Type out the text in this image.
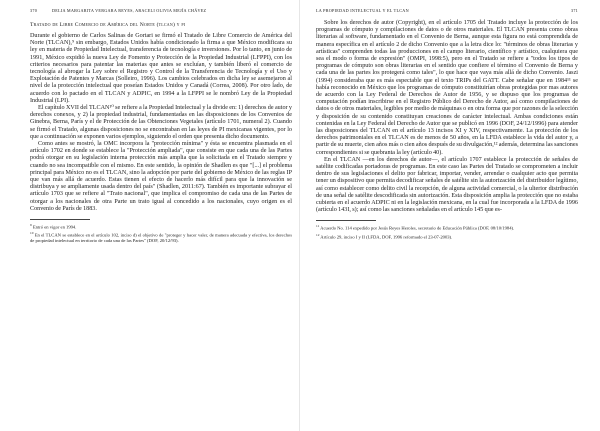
370	DELIA MARGARITA VERGARA REYES, ABACELI OLIVIA MEJÍA CHÁVEZ
Tratado de Libre Comercio de América del Norte (tlcan) y pi

Durante el gobierno de Carlos Salinas de Gortari se firmó el Tratado de Libre Comercio de América del Norte (TLCAN),⁹ sin embargo, Estados Unidos había condicionado la firma a que México modificara su ley en materia de Propiedad Intelectual, transferencia de tecnología e inversiones. Por lo tanto, en junio de 1991, México expidió la nueva Ley de Fomento y Protección de la Propiedad Industrial (LFPPI), con los criterios necesarios para patentar las materias que antes se excluían, y también liberó el comercio de tecnología al abrogar la Ley sobre el Registro y Control de la Transferencia de Tecnología y el Uso y Explotación de Patentes y Marcas (Solleiro, 1996). Los cambios celebrados en dicha ley se asemejaron al nivel de la protección intelectual que poseían Estados Unidos y Canadá (Correa, 2008). Por otro lado, de acuerdo con lo pactado en el TLCAN y ADPIC, en 1994 a la LFPPI se le nombró Ley de la Propiedad Industrial (LPI).

El capítulo XVII del TLCAN¹⁰ se refiere a la Propiedad Intelectual y la divide en: 1) derechos de autor y derechos conexos, y 2) la propiedad industrial, fundamentadas en las disposiciones de los Convenios de Ginebra, Berna, París y el de Protección de las Obtenciones Vegetales (artículo 1701, numeral 2). Cuando se firmó el Tratado, algunas disposiciones no se encontraban en las leyes de PI mexicanas vigentes, por lo que a continuación se exponen varios ejemplos, siguiendo el orden que presenta dicho documento.

Como antes se mostró, la OMC incorpora la "protección mínima" y ésta se encuentra plasmada en el artículo 1702 en donde se establece la "Protección ampliada", que consiste en que cada una de las Partes podrá otorgar en su legislación interna protección más amplia que la solicitada en el Tratado siempre y cuando no sea incompatible con el mismo. En este sentido, la opinión de Shadlen es que "[...] el problema principal para México no es el TLCAN, sino la adopción por parte del gobierno de México de las reglas IP que van más allá de acuerdo. Estas tienen el efecto de hacerlo más difícil para que la innovación se distribuya y se ampliamente usada dentro del país" (Shadlen, 2011:67). También es importante subrayar el artículo 1703 que se refiere al "Trato nacional", que implica el compromiso de cada una de las Partes de otorgar a los nacionales de otra Parte un trato igual al concedido a los nacionales, cuyo origen es el Convenio de París de 1883.

$^9$ Entró en vigor en 1994.

$^{10}$ En el TLCAN se establece en el artículo 102, inciso d) el objetivo de "proteger y hacer valer, de manera adecuada y efectiva, los derechos de propiedad intelectual en territorio de cada una de las Partes" (DOF, 20/12/93).

LA PROPIEDAD INTELECTUAL Y EL TLCAN	371

Sobre los derechos de autor (Copyright), en el artículo 1705 del Tratado incluye la protección de los programas de cómputo y compilaciones de datos o de otros materiales. El TLCAN presenta como obras literarias al software, fundamentado en el Convenio de Berna, aunque esta figura no está comprendida de manera específica en el artículo 2 de dicho Convenio que a la letra dice lo: "términos de obras literarias y artísticas" comprenden todas las producciones en el campo literario, científico y artístico, cualquiera que sea el modo o forma de expresión" (OMPI, 1998:5), pero en el Tratado se refiere a "todos los tipos de programas de cómputo son obras literarias en el sentido que confiere el término el Convenio de Berna y cada una de las partes los protegerá como tales", lo que hace que vaya más allá de dicho Convenio. Jaszi (1994) consideraba que es más espectable que el texto TRIPs del GATT. Cabe señalar que en 1984¹¹ se había reconocido en México que los programas de cómputo constituirían obras protegidas por mas autores de acuerdo con la Ley Federal de Derechos de Autor de 1956, y se dispuso que los programas de computación podían inscribirse en el Registro Público del Derecho de Autor, así como compilaciones de datos o de otros materiales, legibles por medio de máquinas o en otra forma que por razones de la selección y disposición de su contenido constituyan creaciones de carácter intelectual. Ambas condiciones están contenidas en la Ley Federal del Derecho de Autor que se publicó en 1996 (DOF, 24/12/1996) para atender las disposiciones del TLCAN en el artículo 13 incisos XI y XIV, respectivamente. La protección de los derechos patrimoniales en el TLCAN es de menos de 50 años, en la LFDA establece la vida del autor y, a partir de su muerte, cien años más o cien años después de su divulgación,¹² además, determina las sanciones correspondientes si se quebranta la ley (artículo 40).

En el TLCAN —en los derechos de autor—, el artículo 1707 establece la protección de señales de satélite codificadas portadoras de programas. En este caso las Partes del Tratado se comprometen a incluir dentro de sus legislaciones el delito por fabricar, importar, vender, arrendar o cualquier acto que permita tener un dispositivo que permita decodificar señales de satélite sin la autorización del distribuidor legítimo, así como establecer como delito civil la recepción, de alguna actividad comercial, o la ulterior distribución de una señal de satélite descodificada sin autorización. Esta disposición amplia la protección que no estaba cubierta en el acuerdo ADPIC ni en la legislación mexicana, en la cual fue incorporada a la LFDA de 1996 (artículo 143I, s); así como las sanciones señaladas en el artículo 145 que es-

$^{11}$ Acuerdo No. 114 expedido por Jesús Reyes Heroles, secretario de Educación Pública (DOF, 08/10/1984).

$^{12}$ Artículo 29, inciso I y II (LFDA, DOF, 1996 reformado el 23-07-2003).
